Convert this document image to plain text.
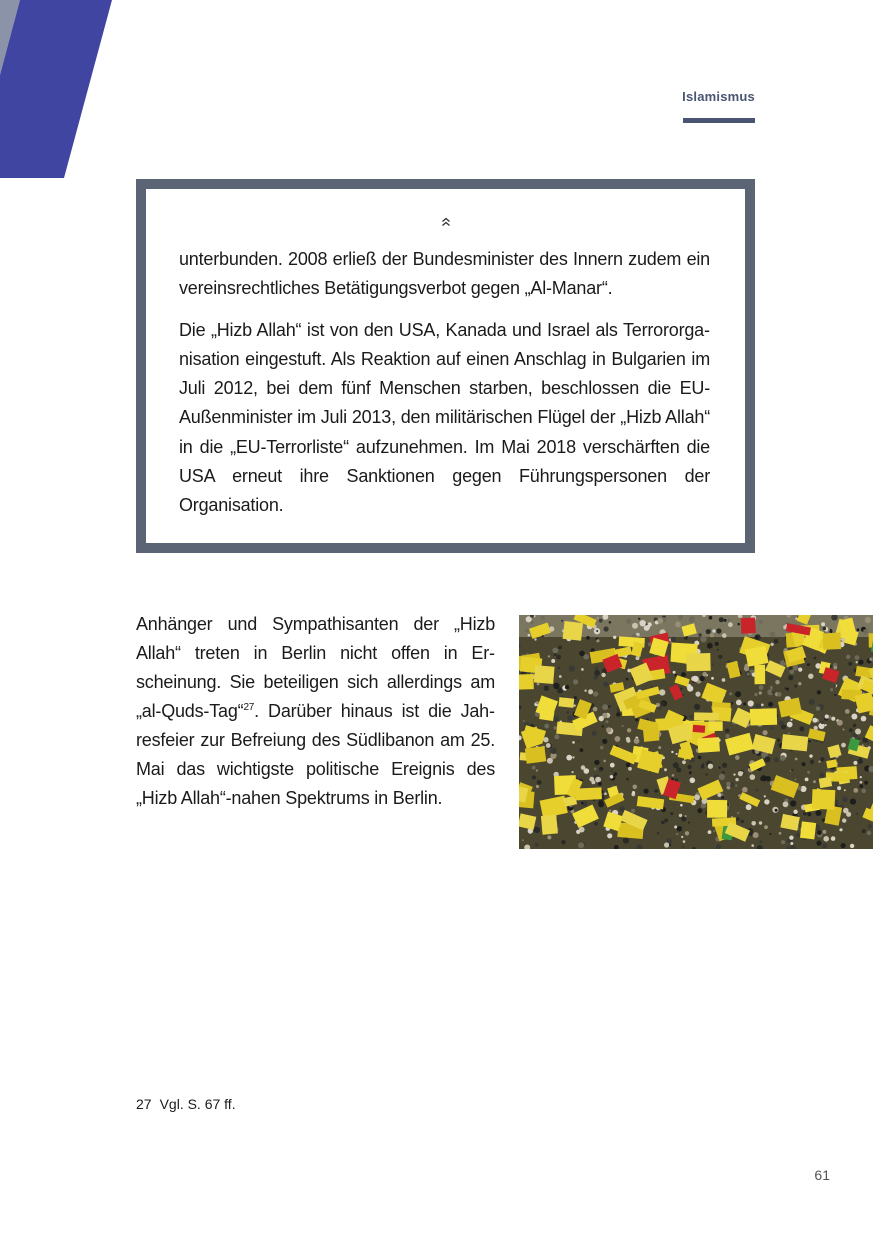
Islamismus

unterbunden. 2008 erließ der Bundesminister des Innern zudem ein vereinsrechtliches Betätigungsverbot gegen „Al-Manar“.

Die „Hizb Allah“ ist von den USA, Kanada und Israel als Terrororganisation eingestuft. Als Reaktion auf einen Anschlag in Bulgarien im Juli 2012, bei dem fünf Menschen starben, beschlossen die EU-Außenminister im Juli 2013, den militärischen Flügel der „Hizb Allah“ in die „EU-Terrorliste“ aufzunehmen. Im Mai 2018 verschärften die USA erneut ihre Sanktionen gegen Führungspersonen der Organisation.

Anhänger und Sympathisanten der „Hizb Allah“ treten in Berlin nicht offen in Erscheinung. Sie beteiligen sich allerdings am „al-Quds-Tag“$^{27}$. Darüber hinaus ist die Jahresfeier zur Befreiung des Südlibanon am 25. Mai das wichtigste politische Ereignis des „Hizb Allah“-nahen Spektrums in Berlin.

27 Vgl. S. 67 ff.
61
